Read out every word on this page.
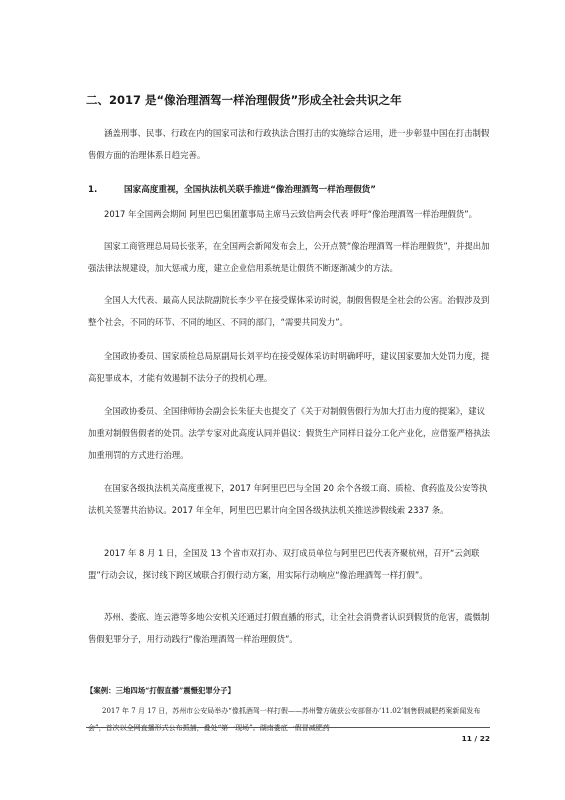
二、2017 是“像治理酒驾一样治理假货”形成全社会共识之年
涵盖刑事、民事、行政在内的国家司法和行政执法合围打击的实施综合运用，进一步彰显中国在打击制假售假方面的治理体系日趋完善。
1.	国家高度重视，全国执法机关联手推进“像治理酒驾一样治理假货”
2017 年全国两会期间 阿里巴巴集团董事局主席马云致信两会代表 呼吁“像治理酒驾一样治理假货”。
国家工商管理总局局长张茅，在全国两会新闻发布会上，公开点赞“像治理酒驾一样治理假货”，并提出加强法律法规建设，加大惩戒力度，建立企业信用系统是让假货不断逐渐减少的方法。
全国人大代表、最高人民法院副院长李少平在接受媒体采访时说，制假售假是全社会的公害。治假涉及到整个社会，不同的环节、不同的地区、不同的部门，“需要共同发力”。
全国政协委员、国家质检总局原副局长刘平均在接受媒体采访时明确呼吁，建议国家要加大处罚力度，提高犯罪成本，才能有效遏制不法分子的投机心理。
全国政协委员、全国律师协会副会长朱征夫也提交了《关于对制假售假行为加大打击力度的提案》，建议加重对制假售假者的处罚。法学专家对此高度认同并倡议：假货生产同样日益分工化产业化，应借鉴严格执法加重刑罚的方式进行治理。
在国家各级执法机关高度重视下，2017 年阿里巴巴与全国 20 余个各级工商、质检、食药监及公安等执法机关签署共治协议。2017 年全年，阿里巴巴累计向全国各级执法机关推送涉假线索 2337 条。
2017 年 8 月 1 日，全国及 13 个省市双打办、双打成员单位与阿里巴巴代表齐聚杭州，召开“云剑联盟”行动会议，探讨线下跨区域联合打假行动方案，用实际行动响应“像治理酒驾一样打假”。
苏州、娄底、连云港等多地公安机关还通过打假直播的形式，让全社会消费者认识到假货的危害，震慑制售假犯罪分子，用行动践行“像治理酒驾一样治理假货”。
【案例：三地四场“打假直播”震慑犯罪分子】
2017 年 7 月 17 日，苏州市公安局举办“像抓酒驾一样打假——苏州警方破获公安部督办‘11.02’制售假减肥药案新闻发布会”，首次以全网直播形式公布抓捕，叠处“第一现场”。湖南娄底一假冒减肥药
11 / 22
